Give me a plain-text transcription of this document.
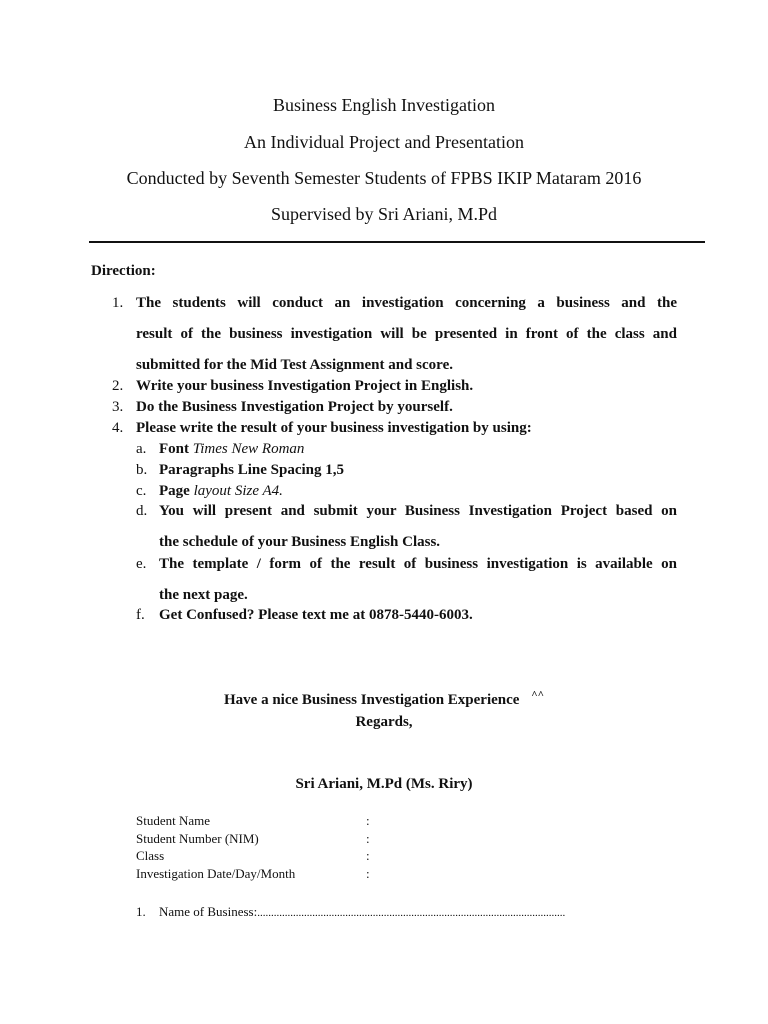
Business English Investigation
An Individual Project and Presentation
Conducted by Seventh Semester Students of FPBS IKIP Mataram 2016
Supervised by Sri Ariani, M.Pd
Direction:
1. The students will conduct an investigation concerning a business and the
result of the business investigation will be presented in front of the class and
submitted for the Mid Test Assignment and score.
2. Write your business Investigation Project in English.
3. Do the Business Investigation Project by yourself.
4. Please write the result of your business investigation by using:
a. Font Times New Roman
b. Paragraphs Line Spacing 1,5
c. Page layout Size A4.
d. You will present and submit your Business Investigation Project based on
the schedule of your Business English Class.
e. The template / form of the result of business investigation is available on
the next page.
f. Get Confused? Please text me at 0878-5440-6003.
Have a nice Business Investigation Experience ^^
Regards,
Sri Ariani, M.Pd (Ms. Riry)
Student Name	:
Student Number (NIM)	:
Class	:
Investigation Date/Day/Month	:
1. Name of Business:................................................................................................................
